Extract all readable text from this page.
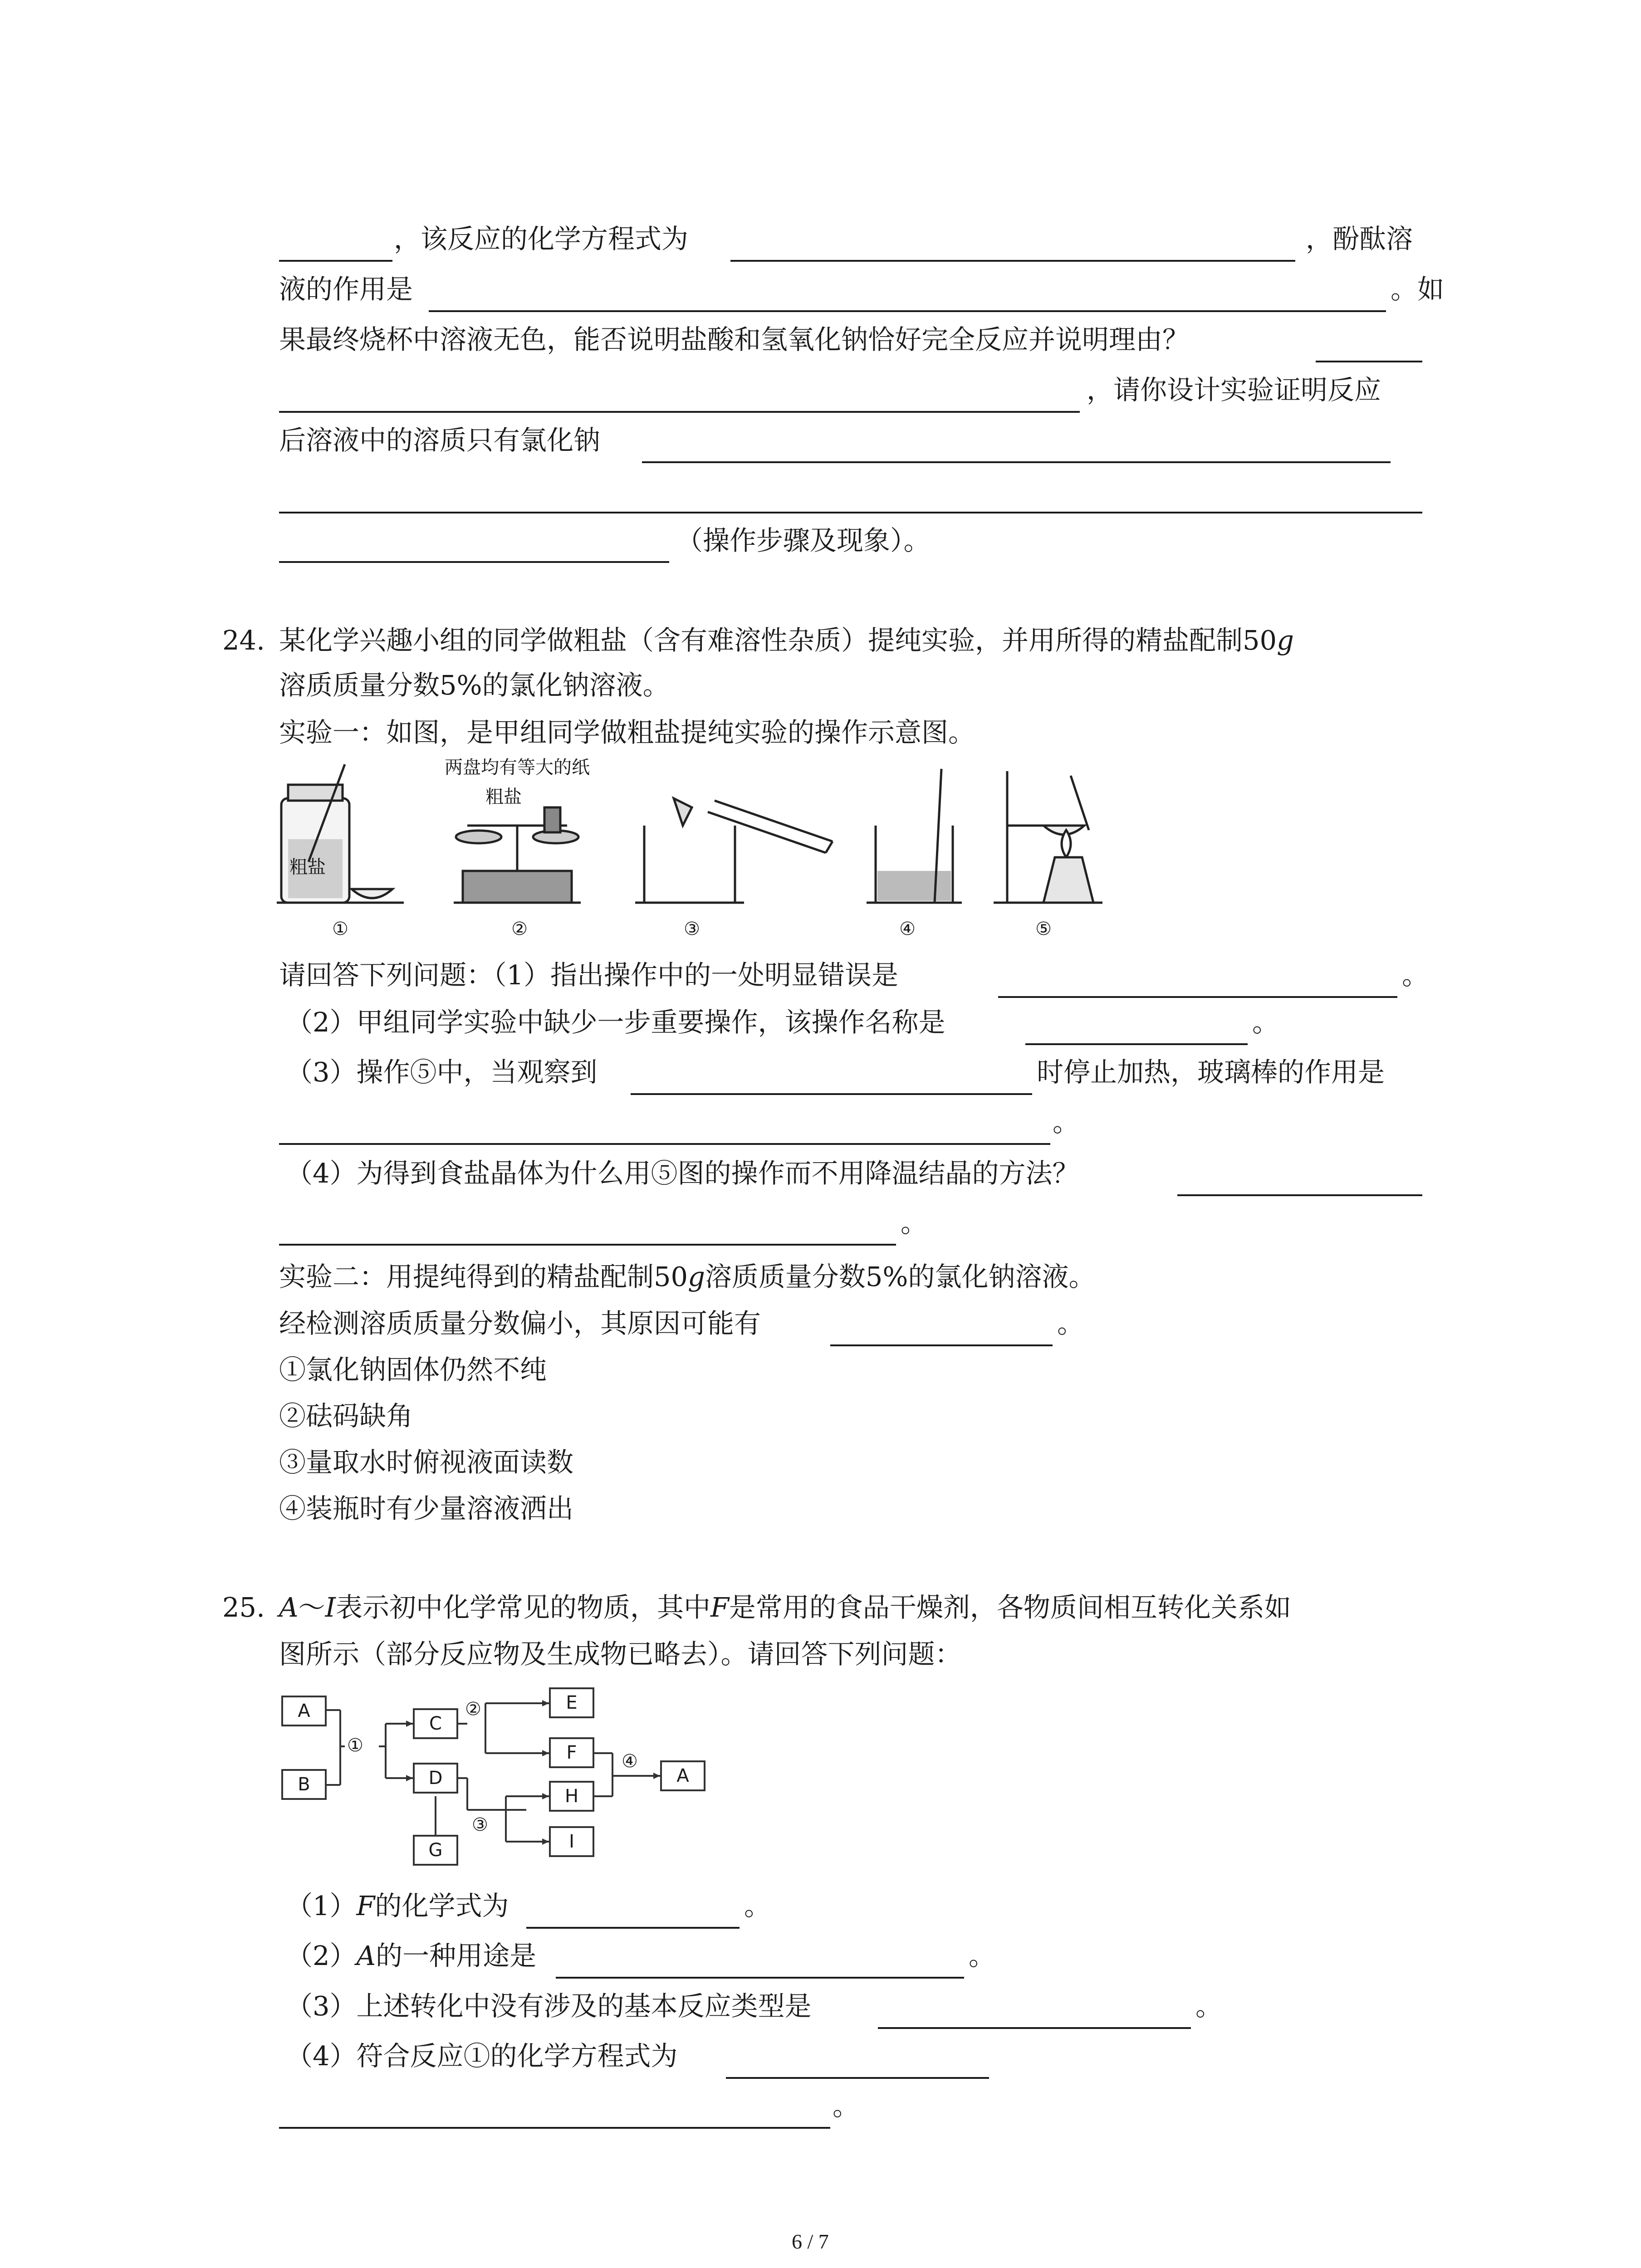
，该反应的化学方程式为	，酚酞溶
液的作用是	。如
果最终烧杯中溶液无色，能否说明盐酸和氢氧化钠恰好完全反应并说明理由？
，请你设计实验证明反应
后溶液中的溶质只有氯化钠
（操作步骤及现象）。
24. 某化学兴趣小组的同学做粗盐（含有难溶性杂质）提纯实验，并用所得的精盐配制50g
溶质质量分数5%的氯化钠溶液。
实验一：如图，是甲组同学做粗盐提纯实验的操作示意图。
粗盐
两盘均有等大的纸
粗盐
①	②	③	④	⑤
请回答下列问题：（1）指出操作中的一处明显错误是	。
（2）甲组同学实验中缺少一步重要操作，该操作名称是	。
（3）操作⑤中，当观察到	时停止加热，玻璃棒的作用是
。
（4）为得到食盐晶体为什么用⑤图的操作而不用降温结晶的方法？
。
实验二：用提纯得到的精盐配制50g溶质质量分数5%的氯化钠溶液。
经检测溶质质量分数偏小，其原因可能有	。
①氯化钠固体仍然不纯
②砝码缺角
③量取水时俯视液面读数
④装瓶时有少量溶液洒出
25. A～I表示初中化学常见的物质，其中F是常用的食品干燥剂，各物质间相互转化关系如
图所示（部分反应物及生成物已略去）。请回答下列问题：
A
B
C
D
G
E
F
H
I
A
①
②
③
④
（1）F的化学式为	。
（2）A的一种用途是	。
（3）上述转化中没有涉及的基本反应类型是	。
（4）符合反应①的化学方程式为
。
6 / 7
